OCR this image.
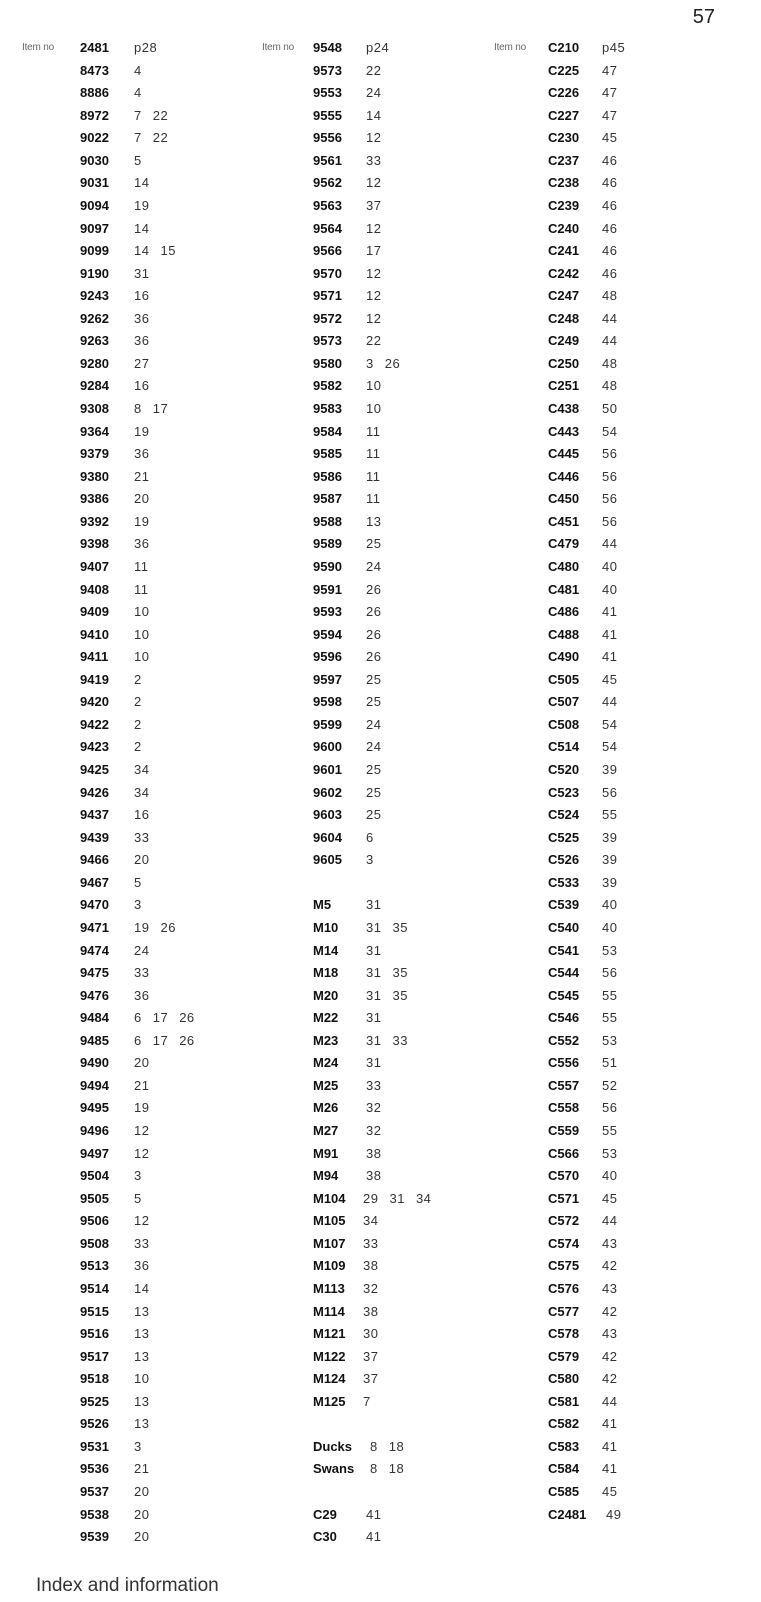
57
Item no 2481 p28
8473 4
8886 4
8972 7 22
9022 7 22
9030 5
9031 14
9094 19
9097 14
9099 14 15
9190 31
9243 16
9262 36
9263 36
9280 27
9284 16
9308 8 17
9364 19
9379 36
9380 21
9386 20
9392 19
9398 36
9407 11
9408 11
9409 10
9410 10
9411 10
9419 2
9420 2
9422 2
9423 2
9425 34
9426 34
9437 16
9439 33
9466 20
9467 5
9470 3
9471 19 26
9474 24
9475 33
9476 36
9484 6 17 26
9485 6 17 26
9490 20
9494 21
9495 19
9496 12
9497 12
9504 3
9505 5
9506 12
9508 33
9513 36
9514 14
9515 13
9516 13
9517 13
9518 10
9525 13
9526 13
9531 3
9536 21
9537 20
9538 20
9539 20
Item no 9548 p24
9573 22
9553 24
9555 14
9556 12
9561 33
9562 12
9563 37
9564 12
9566 17
9570 12
9571 12
9572 12
9573 22
9580 3 26
9582 10
9583 10
9584 11
9585 11
9586 11
9587 11
9588 13
9589 25
9590 24
9591 26
9593 26
9594 26
9596 26
9597 25
9598 25
9599 24
9600 24
9601 25
9602 25
9603 25
9604 6
9605 3
M5	31
M10 31 35
M14 31
M18 31 35
M20 31 35
M22 31
M23 31 33
M24 31
M25 33
M26 32
M27 32
M91 38
M94 38
M104 29 31 34
M105 34
M107 33
M109 38
M113 32
M114 38
M121 30
M122 37
M124 37
M125 7
Ducks 8 18
Swans 8 18
C29 41
C30 41
Item no C210 p45
C225 47
C226 47
C227 47
C230 45
C237 46
C238 46
C239 46
C240 46
C241 46
C242 46
C247 48
C248 44
C249 44
C250 48
C251 48
C438 50
C443 54
C445 56
C446 56
C450 56
C451 56
C479 44
C480 40
C481 40
C486 41
C488 41
C490 41
C505 45
C507 44
C508 54
C514 54
C520 39
C523 56
C524 55
C525 39
C526 39
C533 39
C539 40
C540 40
C541 53
C544 56
C545 55
C546 55
C552 53
C556 51
C557 52
C558 56
C559 55
C566 53
C570 40
C571 45
C572 44
C574 43
C575 42
C576 43
C577 42
C578 43
C579 42
C580 42
C581 44
C582 41
C583 41
C584 41
C585 45
C2481 49
Index and information
